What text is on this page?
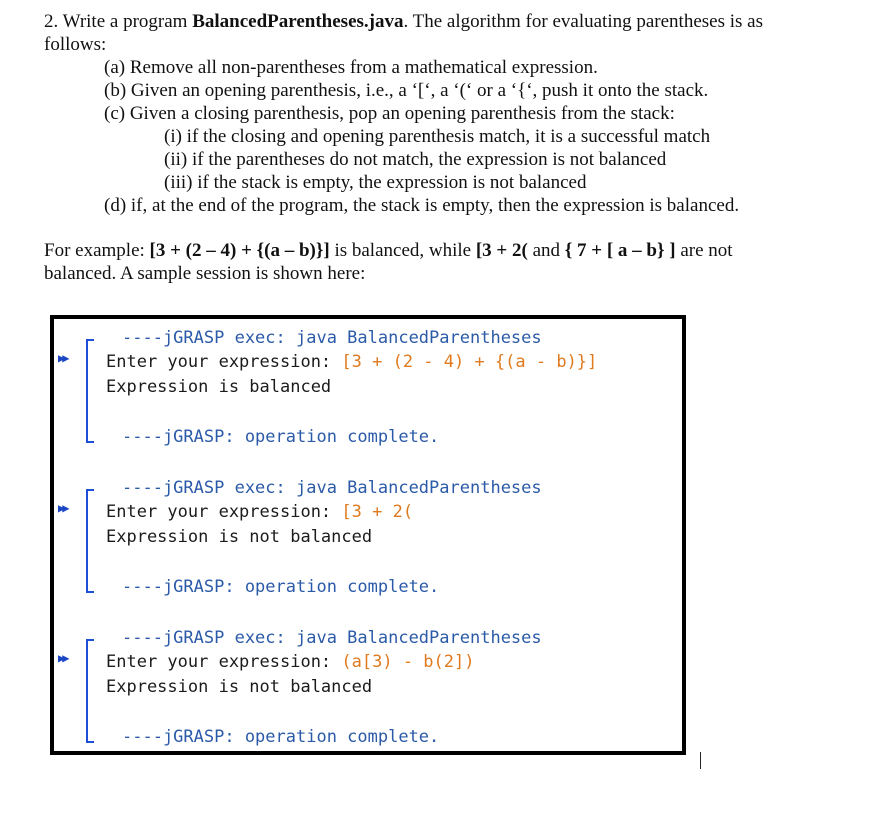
2. Write a program BalancedParentheses.java. The algorithm for evaluating parentheses is as

follows:

(a) Remove all non-parentheses from a mathematical expression.

(b) Given an opening parenthesis, i.e., a ‘[‘, a ‘(‘ or a ‘{‘, push it onto the stack.

(c) Given a closing parenthesis, pop an opening parenthesis from the stack:

(i) if the closing and opening parenthesis match, it is a successful match

(ii) if the parentheses do not match, the expression is not balanced

(iii) if the stack is empty, the expression is not balanced

(d) if, at the end of the program, the stack is empty, then the expression is balanced.

For example: [3 + (2 – 4) + {(a – b)}] is balanced, while [3 + 2( and { 7 + [ a – b} ] are not

balanced. A sample session is shown here:

▶▶
----jGRASP exec: java BalancedParentheses
Enter your expression: [3 + (2 - 4) + {(a - b)}]
Expression is balanced
----jGRASP: operation complete.
▶▶
----jGRASP exec: java BalancedParentheses
Enter your expression: [3 + 2(
Expression is not balanced
----jGRASP: operation complete.
▶▶
----jGRASP exec: java BalancedParentheses
Enter your expression: (a[3) - b(2])
Expression is not balanced
----jGRASP: operation complete.
